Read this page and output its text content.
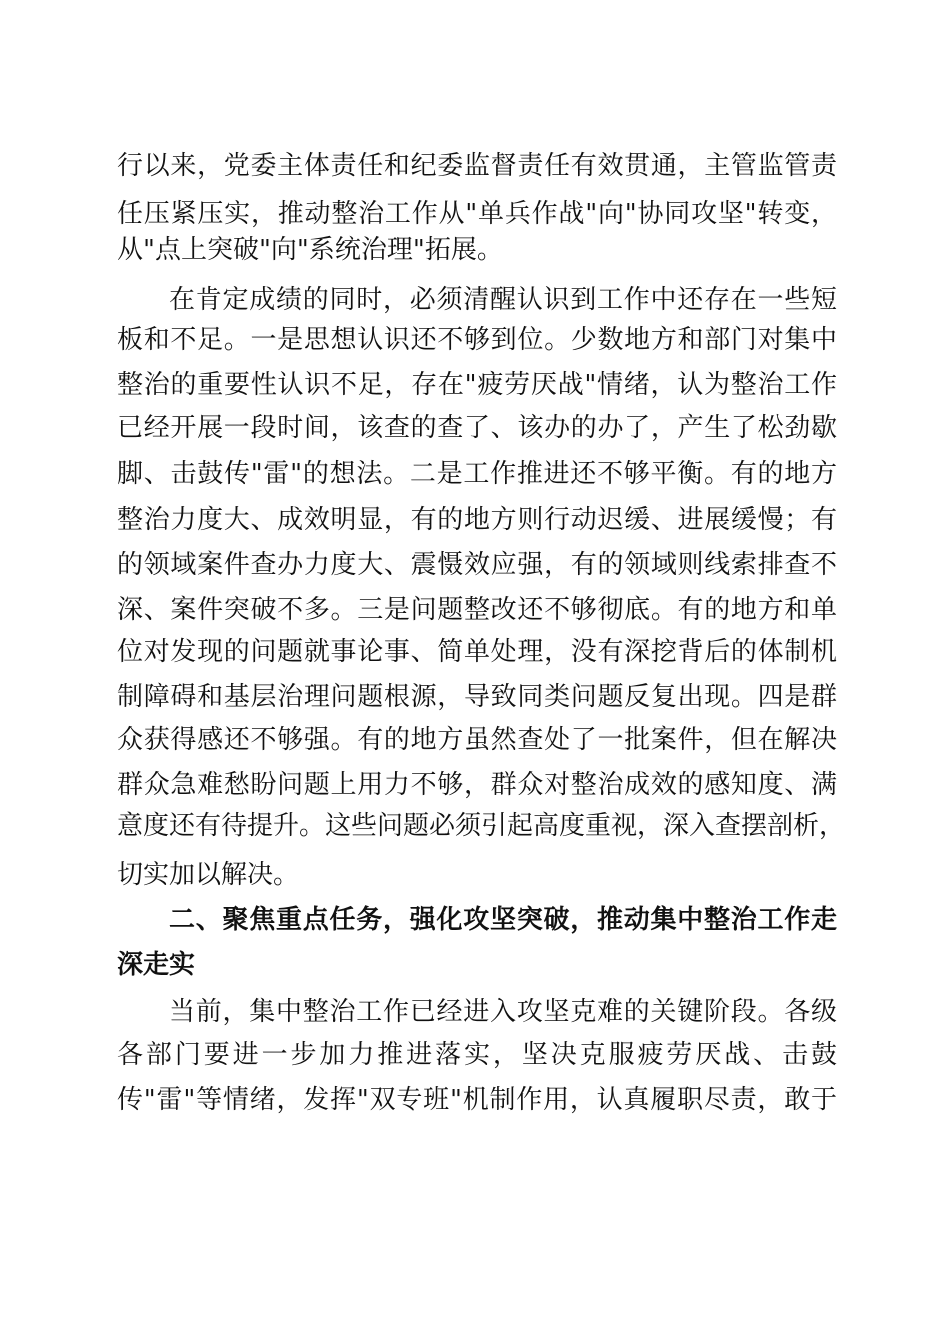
行以来，党委主体责任和纪委监督责任有效贯通，主管监管责
任压紧压实，推动整治工作从"单兵作战"向"协同攻坚"转变，
从"点上突破"向"系统治理"拓展。
在肯定成绩的同时，必须清醒认识到工作中还存在一些短
板和不足。一是思想认识还不够到位。少数地方和部门对集中
整治的重要性认识不足，存在"疲劳厌战"情绪，认为整治工作
已经开展一段时间，该查的查了、该办的办了，产生了松劲歇
脚、击鼓传"雷"的想法。二是工作推进还不够平衡。有的地方
整治力度大、成效明显，有的地方则行动迟缓、进展缓慢；有
的领域案件查办力度大、震慑效应强，有的领域则线索排查不
深、案件突破不多。三是问题整改还不够彻底。有的地方和单
位对发现的问题就事论事、简单处理，没有深挖背后的体制机
制障碍和基层治理问题根源，导致同类问题反复出现。四是群
众获得感还不够强。有的地方虽然查处了一批案件，但在解决
群众急难愁盼问题上用力不够，群众对整治成效的感知度、满
意度还有待提升。这些问题必须引起高度重视，深入查摆剖析，
切实加以解决。
二、聚焦重点任务，强化攻坚突破，推动集中整治工作走
深走实
当前，集中整治工作已经进入攻坚克难的关键阶段。各级
各部门要进一步加力推进落实，坚决克服疲劳厌战、击鼓
传"雷"等情绪，发挥"双专班"机制作用，认真履职尽责，敢于
